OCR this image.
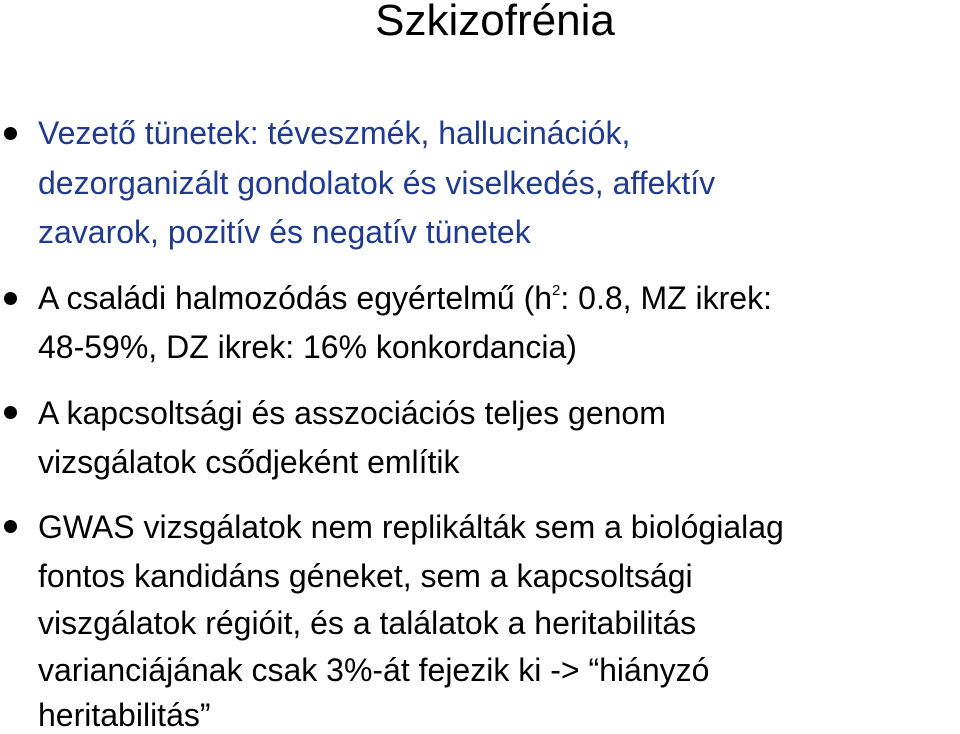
Szkizofrénia
Vezető tünetek: téveszmék, hallucinációk,
dezorganizált gondolatok és viselkedés, affektív
zavarok, pozitív és negatív tünetek
A családi halmozódás egyértelmű ($h^2$: 0.8, MZ ikrek:
48-59%, DZ ikrek: 16% konkordancia)
A kapcsoltsági és asszociációs teljes genom
vizsgálatok csődjeként említik
GWAS vizsgálatok nem replikálták sem a biológialag
fontos kandidáns géneket, sem a kapcsoltsági
viszgálatok régióit, és a találatok a heritabilitás
varianciájának csak 3%-át fejezik ki -> “hiányzó
heritabilitás”
